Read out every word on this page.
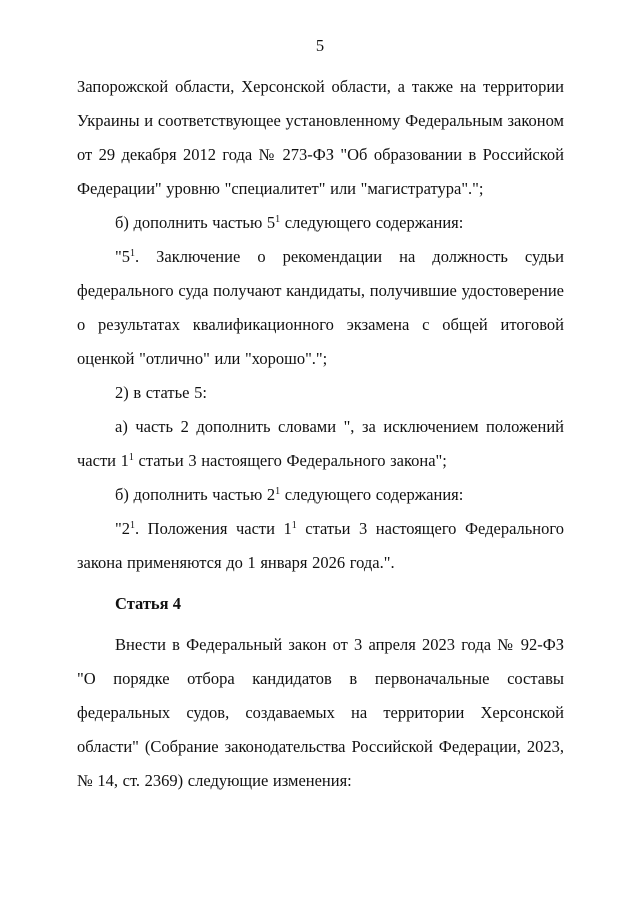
5

Запорожской области, Херсонской области, а также на территории Украины и соответствующее установленному Федеральным законом от 29 декабря 2012 года № 273-ФЗ "Об образовании в Российской Федерации" уровню "специалитет" или "магистратура".";

б) дополнить частью $5^1$ следующего содержания:

"$5^1$. Заключение о рекомендации на должность судьи федерального суда получают кандидаты, получившие удостоверение о результатах квалификационного экзамена с общей итоговой оценкой "отлично" или "хорошо".";

2) в статье 5:

а) часть 2 дополнить словами ", за исключением положений части $1^1$ статьи 3 настоящего Федерального закона";

б) дополнить частью $2^1$ следующего содержания:

"$2^1$. Положения части $1^1$ статьи 3 настоящего Федерального закона применяются до 1 января 2026 года.".

Статья 4

Внести в Федеральный закон от 3 апреля 2023 года № 92-ФЗ "О порядке отбора кандидатов в первоначальные составы федеральных судов, создаваемых на территории Херсонской области" (Собрание законодательства Российской Федерации, 2023, № 14, ст. 2369) следующие изменения:
